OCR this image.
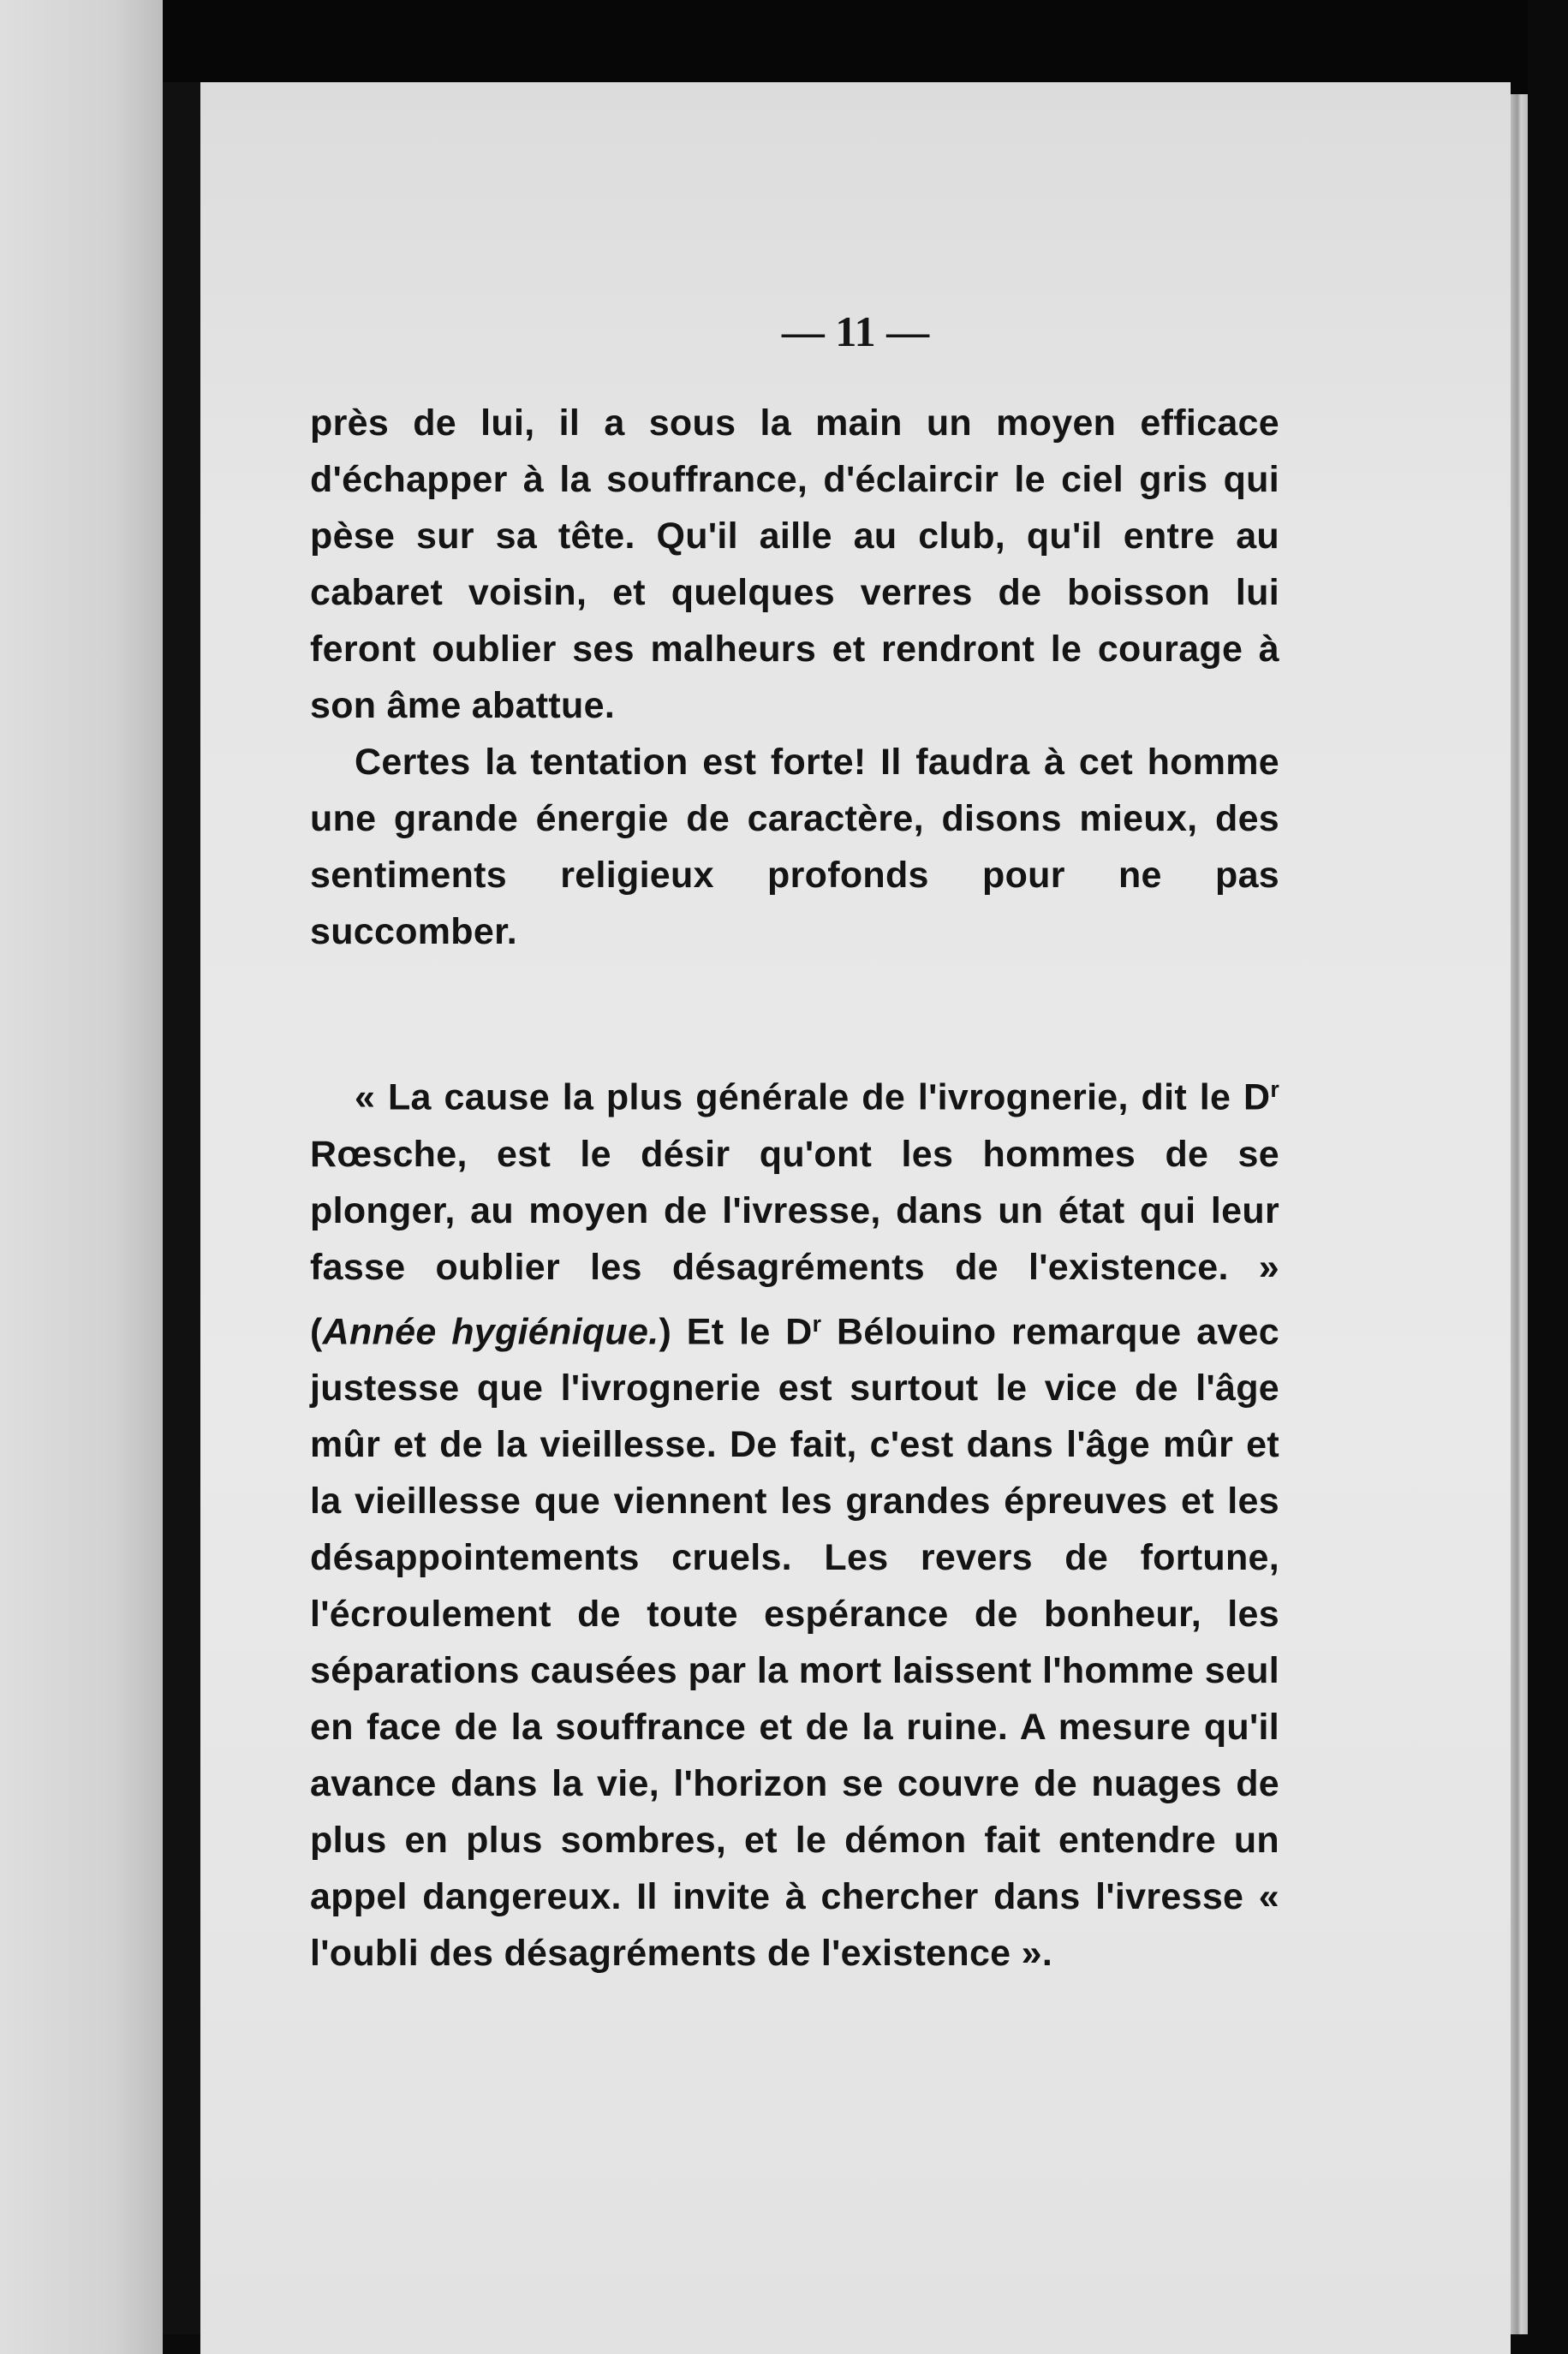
— 11 —

près de lui, il a sous la main un moyen efficace d'échapper à la souffrance, d'éclaircir le ciel gris qui pèse sur sa tête. Qu'il aille au club, qu'il entre au cabaret voisin, et quelques verres de boisson lui feront oublier ses malheurs et rendront le courage à son âme abattue.

Certes la tentation est forte! Il faudra à cet homme une grande énergie de caractère, disons mieux, des sentiments religieux profonds pour ne pas succomber.

« La cause la plus générale de l'ivrognerie, dit le $D^r$ Rœsche, est le désir qu'ont les hommes de se plonger, au moyen de l'ivresse, dans un état qui leur fasse oublier les désagréments de l'existence. » (Année hygiénique.) Et le $D^r$ Bélouino remarque avec justesse que l'ivrognerie est surtout le vice de l'âge mûr et de la vieillesse. De fait, c'est dans l'âge mûr et la vieillesse que viennent les grandes épreuves et les désappointements cruels. Les revers de fortune, l'écroulement de toute espérance de bonheur, les séparations causées par la mort laissent l'homme seul en face de la souffrance et de la ruine. A mesure qu'il avance dans la vie, l'horizon se couvre de nuages de plus en plus sombres, et le démon fait entendre un appel dangereux. Il invite à chercher dans l'ivresse « l'oubli des désagréments de l'existence ».
